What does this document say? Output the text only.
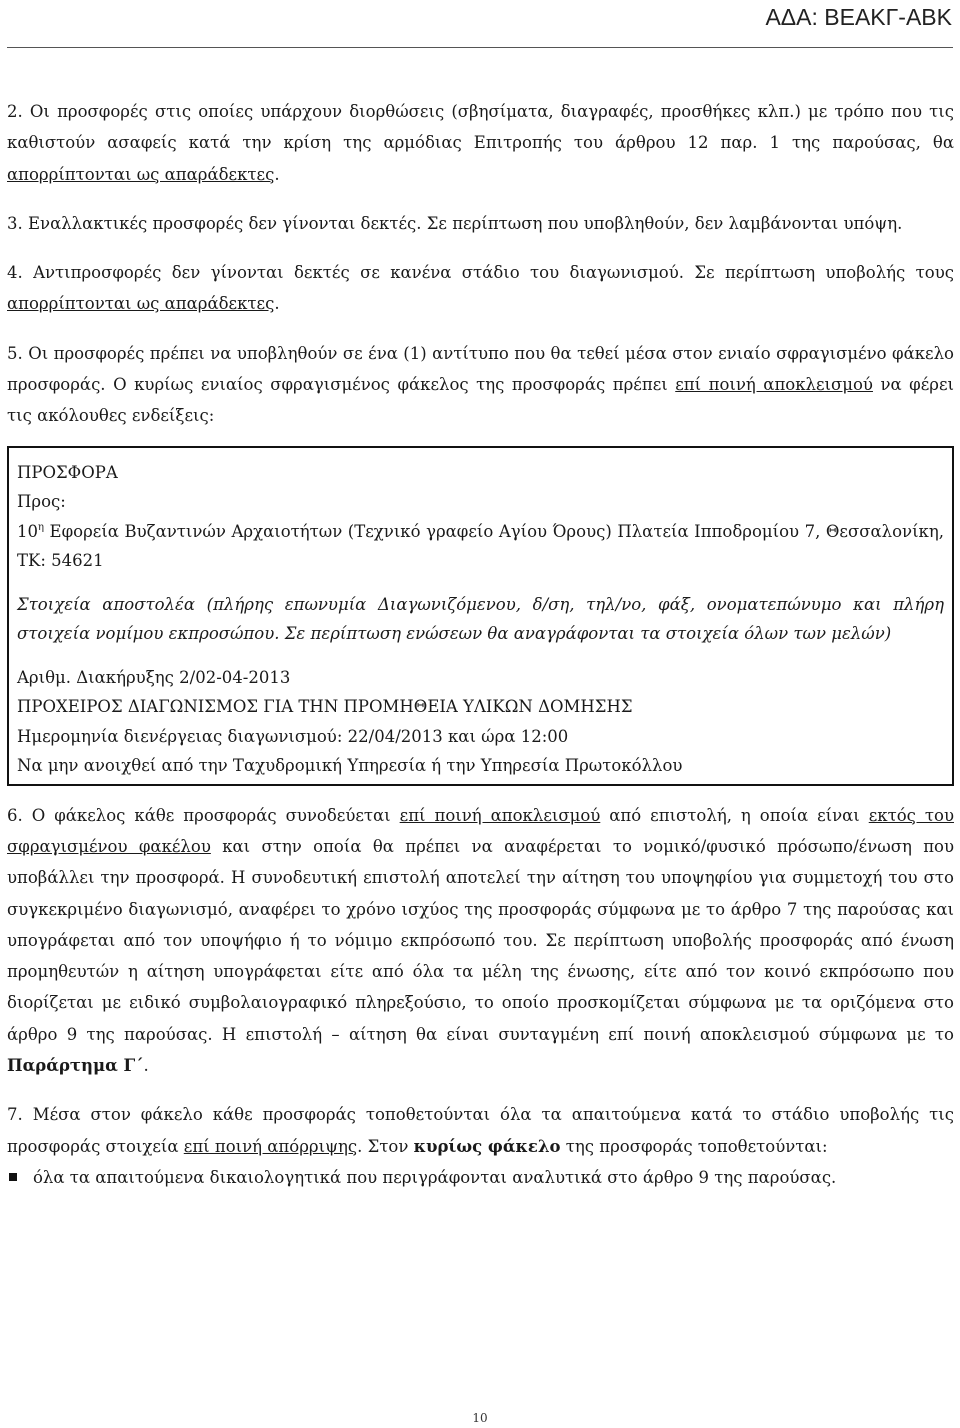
ΑΔΑ: ΒΕΑΚΓ-ΑΒΚ

2. Οι προσφορές στις οποίες υπάρχουν διορθώσεις (σβησίματα, διαγραφές, προσθήκες κλπ.) με τρόπο που τις καθιστούν ασαφείς κατά την κρίση της αρμόδιας Επιτροπής του άρθρου 12 παρ. 1 της παρούσας, θα απορρίπτονται ως απαράδεκτες.

3. Εναλλακτικές προσφορές δεν γίνονται δεκτές. Σε περίπτωση που υποβληθούν, δεν λαμβάνονται υπόψη.

4. Αντιπροσφορές δεν γίνονται δεκτές σε κανένα στάδιο του διαγωνισμού. Σε περίπτωση υποβολής τους απορρίπτονται ως απαράδεκτες.

5. Οι προσφορές πρέπει να υποβληθούν σε ένα (1) αντίτυπο που θα τεθεί μέσα στον ενιαίο σφραγισμένο φάκελο προσφοράς. Ο κυρίως ενιαίος σφραγισμένος φάκελος της προσφοράς πρέπει επί ποινή αποκλεισμού να φέρει τις ακόλουθες ενδείξεις:

ΠΡΟΣΦΟΡΑ
Προς:
$10^\eta$ Εφορεία Βυζαντινών Αρχαιοτήτων (Τεχνικό γραφείο Αγίου Όρους) Πλατεία Ιπποδρομίου 7, Θεσσαλονίκη, ΤΚ: 54621
Στοιχεία αποστολέα (πλήρης επωνυμία Διαγωνιζόμενου, δ/ση, τηλ/νο, φάξ, ονοματεπώνυμο και πλήρη στοιχεία νομίμου εκπροσώπου. Σε περίπτωση ενώσεων θα αναγράφονται τα στοιχεία όλων των μελών)
Αριθμ. Διακήρυξης 2/02-04-2013
ΠΡΟΧΕΙΡΟΣ ΔΙΑΓΩΝΙΣΜΟΣ ΓΙΑ ΤΗΝ ΠΡΟΜΗΘΕΙΑ ΥΛΙΚΩΝ ΔΟΜΗΣΗΣ
Ημερομηνία διενέργειας διαγωνισμού: 22/04/2013 και ώρα 12:00
Να μην ανοιχθεί από την Ταχυδρομική Υπηρεσία ή την Υπηρεσία Πρωτοκόλλου

6. Ο φάκελος κάθε προσφοράς συνοδεύεται επί ποινή αποκλεισμού από επιστολή, η οποία είναι εκτός του σφραγισμένου φακέλου και στην οποία θα πρέπει να αναφέρεται το νομικό/φυσικό πρόσωπο/ένωση που υποβάλλει την προσφορά. Η συνοδευτική επιστολή αποτελεί την αίτηση του υποψηφίου για συμμετοχή του στο συγκεκριμένο διαγωνισμό, αναφέρει το χρόνο ισχύος της προσφοράς σύμφωνα με το άρθρο 7 της παρούσας και υπογράφεται από τον υποψήφιο ή το νόμιμο εκπρόσωπό του. Σε περίπτωση υποβολής προσφοράς από ένωση προμηθευτών η αίτηση υπογράφεται είτε από όλα τα μέλη της ένωσης, είτε από τον κοινό εκπρόσωπο που διορίζεται με ειδικό συμβολαιογραφικό πληρεξούσιο, το οποίο προσκομίζεται σύμφωνα με τα οριζόμενα στο άρθρο 9 της παρούσας. Η επιστολή – αίτηση θα είναι συνταγμένη επί ποινή αποκλεισμού σύμφωνα με το Παράρτημα Γ΄.

7. Μέσα στον φάκελο κάθε προσφοράς τοποθετούνται όλα τα απαιτούμενα κατά το στάδιο υποβολής τις προσφοράς στοιχεία επί ποινή απόρριψης. Στον κυρίως φάκελο της προσφοράς τοποθετούνται:

όλα τα απαιτούμενα δικαιολογητικά που περιγράφονται αναλυτικά στο άρθρο 9 της παρούσας.
10
